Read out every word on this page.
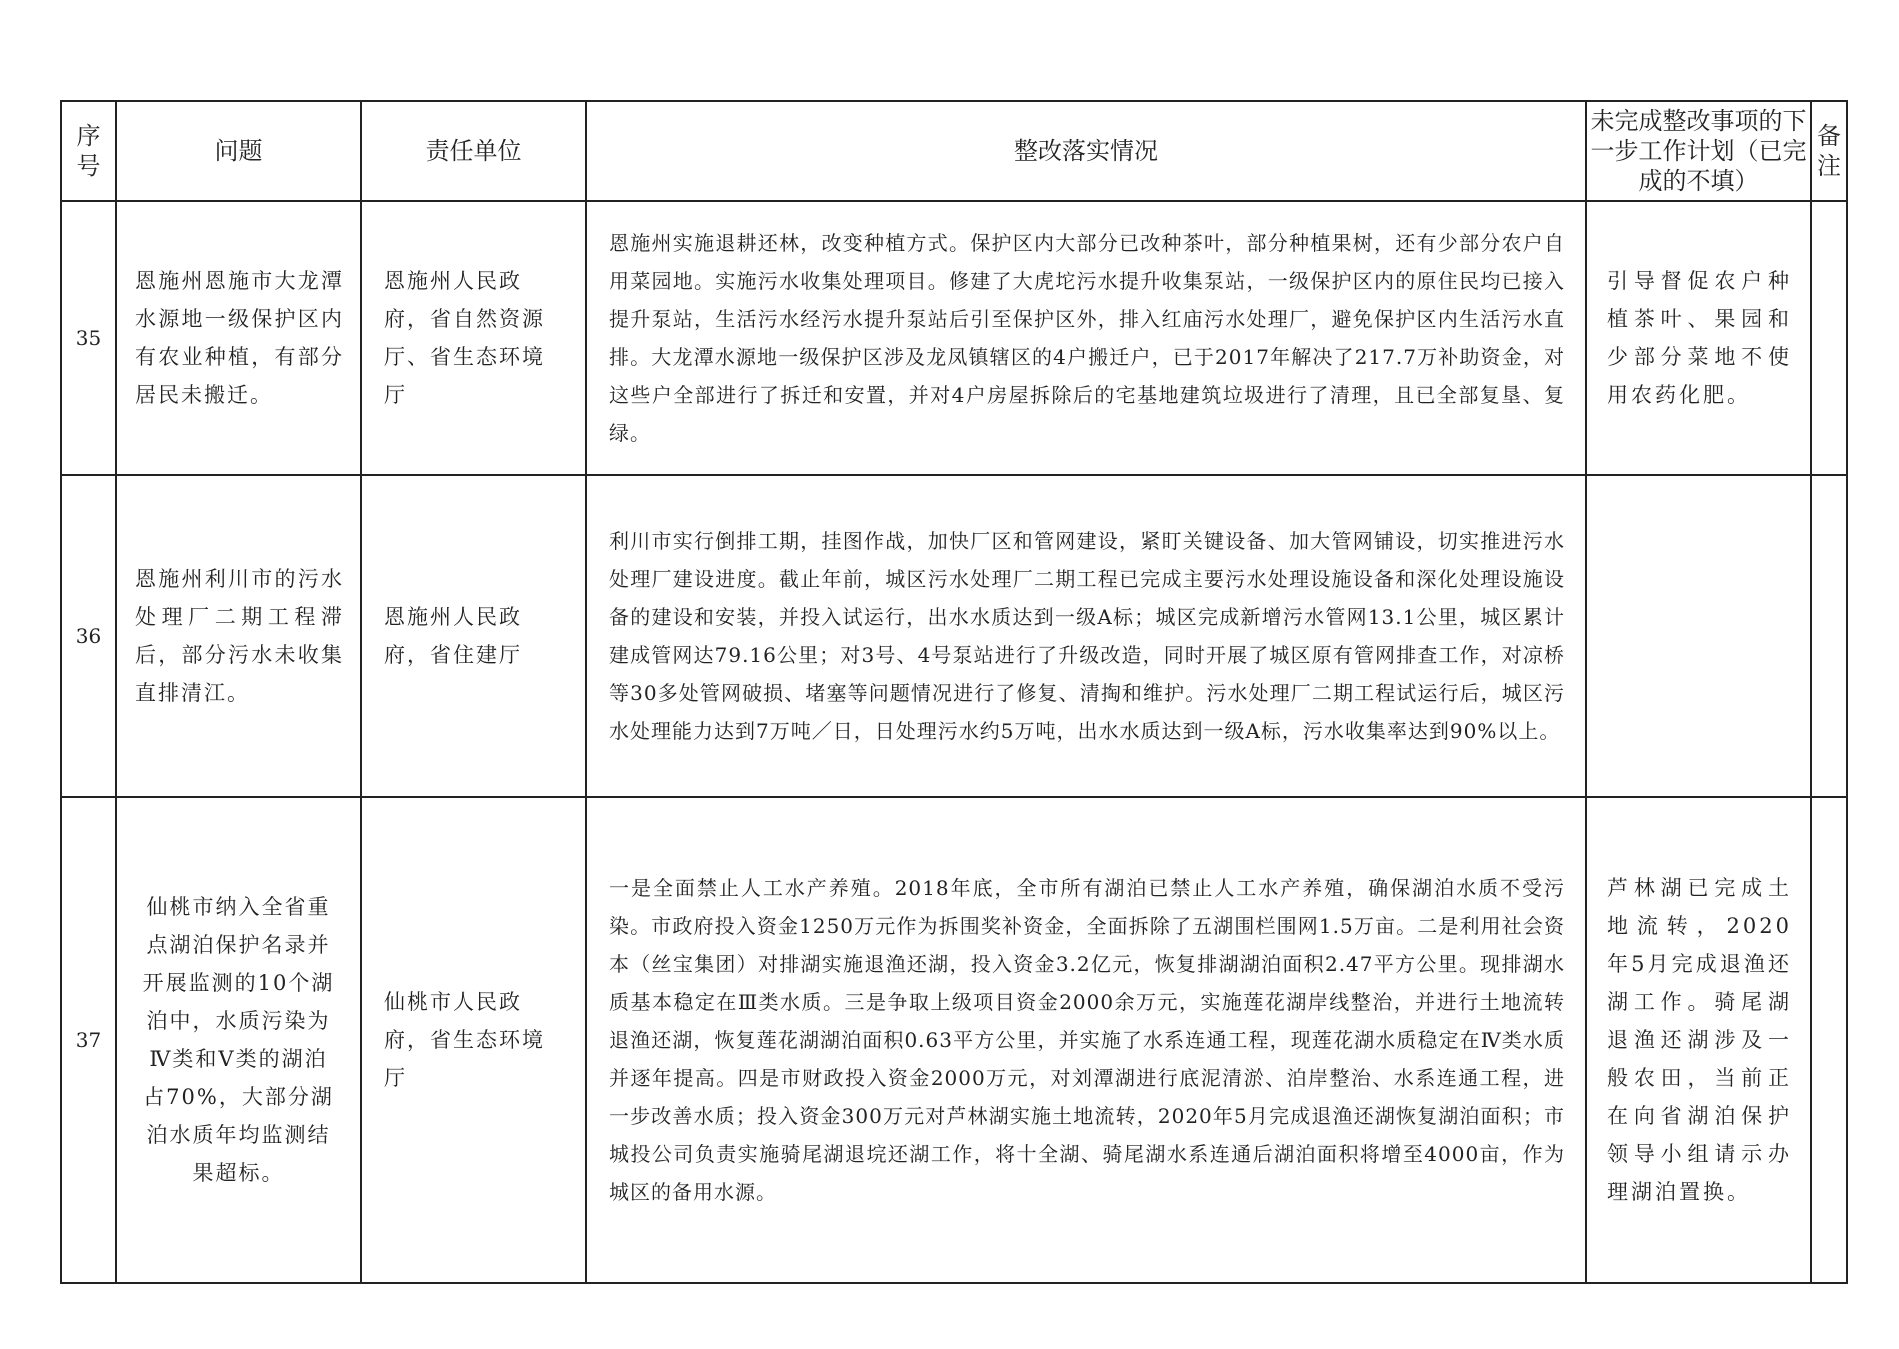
序号	问题	责任单位	整改落实情况	未完成整改事项的下一步工作计划（已完成的不填）	备注
35	恩施州恩施市大龙潭水源地一级保护区内有农业种植，有部分居民未搬迁。	恩施州人民政府，省自然资源厅、省生态环境厅	恩施州实施退耕还林，改变种植方式。保护区内大部分已改种茶叶，部分种植果树，还有少部分农户自用菜园地。实施污水收集处理项目。修建了大虎坨污水提升收集泵站，一级保护区内的原住民均已接入提升泵站，生活污水经污水提升泵站后引至保护区外，排入红庙污水处理厂，避免保护区内生活污水直排。大龙潭水源地一级保护区涉及龙凤镇辖区的4户搬迁户，已于2017年解决了217.7万补助资金，对这些户全部进行了拆迁和安置，并对4户房屋拆除后的宅基地建筑垃圾进行了清理，且已全部复垦、复绿。	引导督促农户种植茶叶、果园和少部分菜地不使用农药化肥。	
36	恩施州利川市的污水处理厂二期工程滞后，部分污水未收集直排清江。	恩施州人民政府，省住建厅	利川市实行倒排工期，挂图作战，加快厂区和管网建设，紧盯关键设备、加大管网铺设，切实推进污水处理厂建设进度。截止年前，城区污水处理厂二期工程已完成主要污水处理设施设备和深化处理设施设备的建设和安装，并投入试运行，出水水质达到一级A标；城区完成新增污水管网13.1公里，城区累计建成管网达79.16公里；对3号、4号泵站进行了升级改造，同时开展了城区原有管网排查工作，对凉桥等30多处管网破损、堵塞等问题情况进行了修复、清掏和维护。污水处理厂二期工程试运行后，城区污水处理能力达到7万吨／日，日处理污水约5万吨，出水水质达到一级A标，污水收集率达到90%以上。		
37	仙桃市纳入全省重点湖泊保护名录并开展监测的10个湖泊中，水质污染为Ⅳ类和Ⅴ类的湖泊占70%，大部分湖泊水质年均监测结果超标。	仙桃市人民政府，省生态环境厅	一是全面禁止人工水产养殖。2018年底，全市所有湖泊已禁止人工水产养殖，确保湖泊水质不受污染。市政府投入资金1250万元作为拆围奖补资金，全面拆除了五湖围栏围网1.5万亩。二是利用社会资本（丝宝集团）对排湖实施退渔还湖，投入资金3.2亿元，恢复排湖湖泊面积2.47平方公里。现排湖水质基本稳定在Ⅲ类水质。三是争取上级项目资金2000余万元，实施莲花湖岸线整治，并进行土地流转退渔还湖，恢复莲花湖湖泊面积0.63平方公里，并实施了水系连通工程，现莲花湖水质稳定在Ⅳ类水质并逐年提高。四是市财政投入资金2000万元，对刘潭湖进行底泥清淤、泊岸整治、水系连通工程，进一步改善水质；投入资金300万元对芦林湖实施土地流转，2020年5月完成退渔还湖恢复湖泊面积；市城投公司负责实施骑尾湖退垸还湖工作，将十全湖、骑尾湖水系连通后湖泊面积将增至4000亩，作为城区的备用水源。	芦林湖已完成土地流转，2020年5月完成退渔还湖工作。骑尾湖退渔还湖涉及一般农田，当前正在向省湖泊保护领导小组请示办理湖泊置换。	
